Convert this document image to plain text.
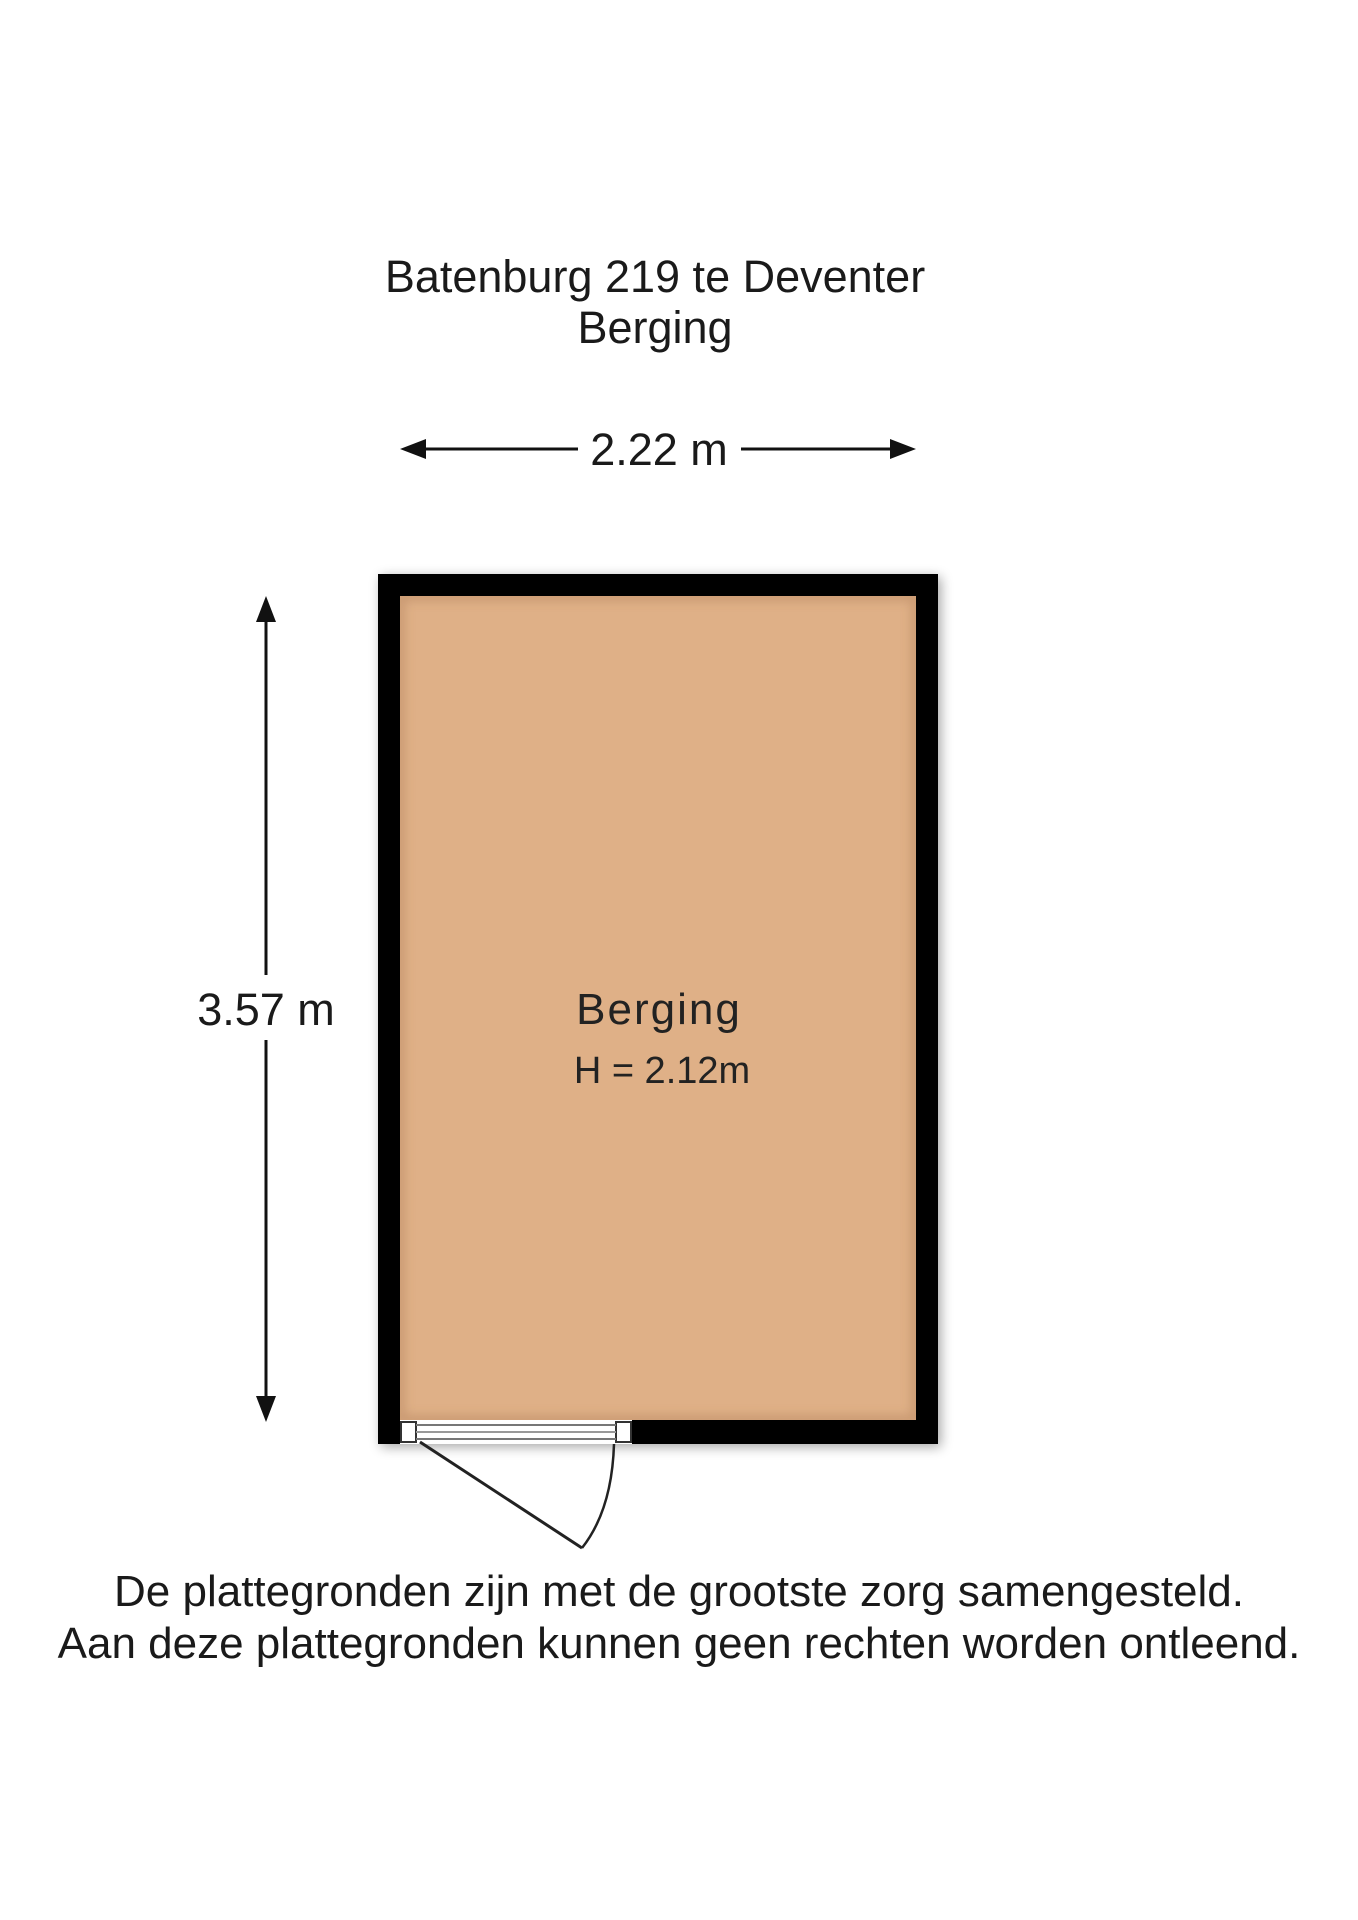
Batenburg 219 te Deventer
Berging
2.22 m
3.57 m	Berging
H = 2.12m
De plattegronden zijn met de grootste zorg samengesteld.
Aan deze plattegronden kunnen geen rechten worden ontleend.
